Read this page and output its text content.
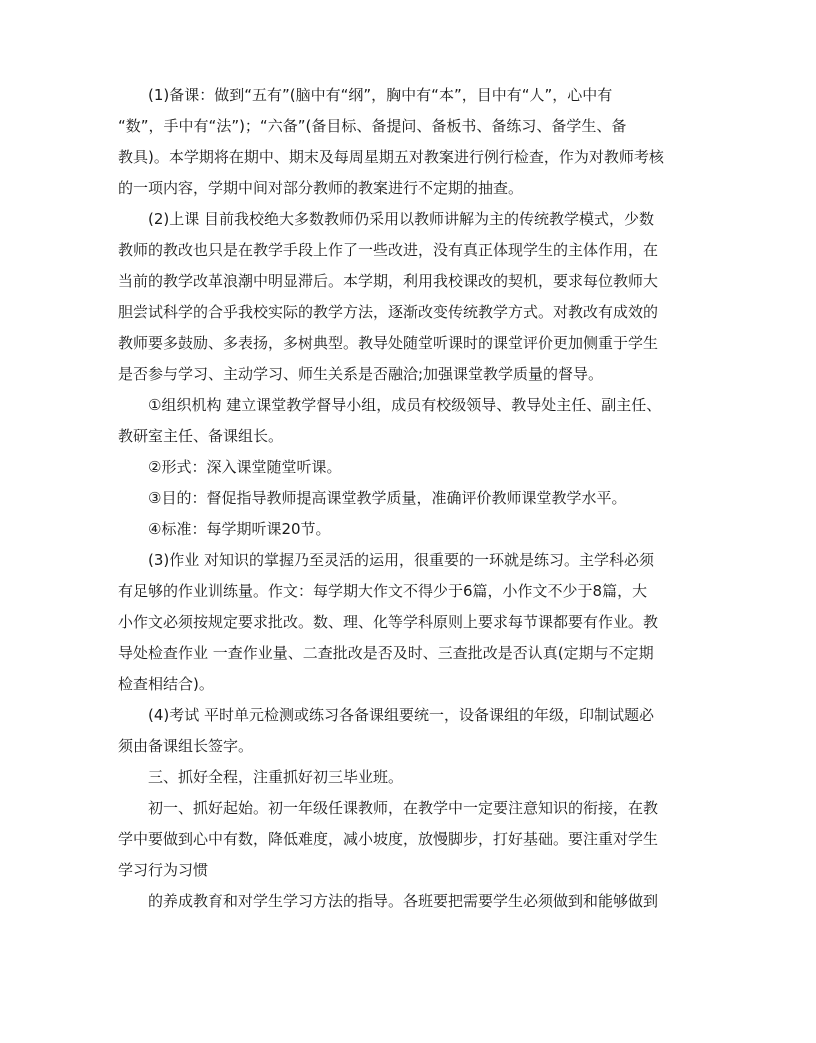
(1)备课：做到“五有”(脑中有“纲”，胸中有“本”，目中有“人”，心中有
“数”，手中有“法”)；“六备”(备目标、备提问、备板书、备练习、备学生、备
教具)。本学期将在期中、期末及每周星期五对教案进行例行检查，作为对教师考核
的一项内容，学期中间对部分教师的教案进行不定期的抽查。
(2)上课 目前我校绝大多数教师仍采用以教师讲解为主的传统教学模式，少数
教师的教改也只是在教学手段上作了一些改进，没有真正体现学生的主体作用，在
当前的教学改革浪潮中明显滞后。本学期，利用我校课改的契机，要求每位教师大
胆尝试科学的合乎我校实际的教学方法，逐渐改变传统教学方式。对教改有成效的
教师要多鼓励、多表扬，多树典型。教导处随堂听课时的课堂评价更加侧重于学生
是否参与学习、主动学习、师生关系是否融洽;加强课堂教学质量的督导。
①组织机构 建立课堂教学督导小组，成员有校级领导、教导处主任、副主任、
教研室主任、备课组长。
②形式：深入课堂随堂听课。
③目的：督促指导教师提高课堂教学质量，准确评价教师课堂教学水平。
④标准：每学期听课20节。
(3)作业 对知识的掌握乃至灵活的运用，很重要的一环就是练习。主学科必须
有足够的作业训练量。作文：每学期大作文不得少于6篇，小作文不少于8篇，大
小作文必须按规定要求批改。数、理、化等学科原则上要求每节课都要有作业。教
导处检查作业 一查作业量、二查批改是否及时、三查批改是否认真(定期与不定期
检查相结合)。
(4)考试 平时单元检测或练习各备课组要统一，设备课组的年级，印制试题必
须由备课组长签字。
三、抓好全程，注重抓好初三毕业班。
初一、抓好起始。初一年级任课教师，在教学中一定要注意知识的衔接，在教
学中要做到心中有数，降低难度，减小坡度，放慢脚步，打好基础。要注重对学生
学习行为习惯
的养成教育和对学生学习方法的指导。各班要把需要学生必须做到和能够做到
